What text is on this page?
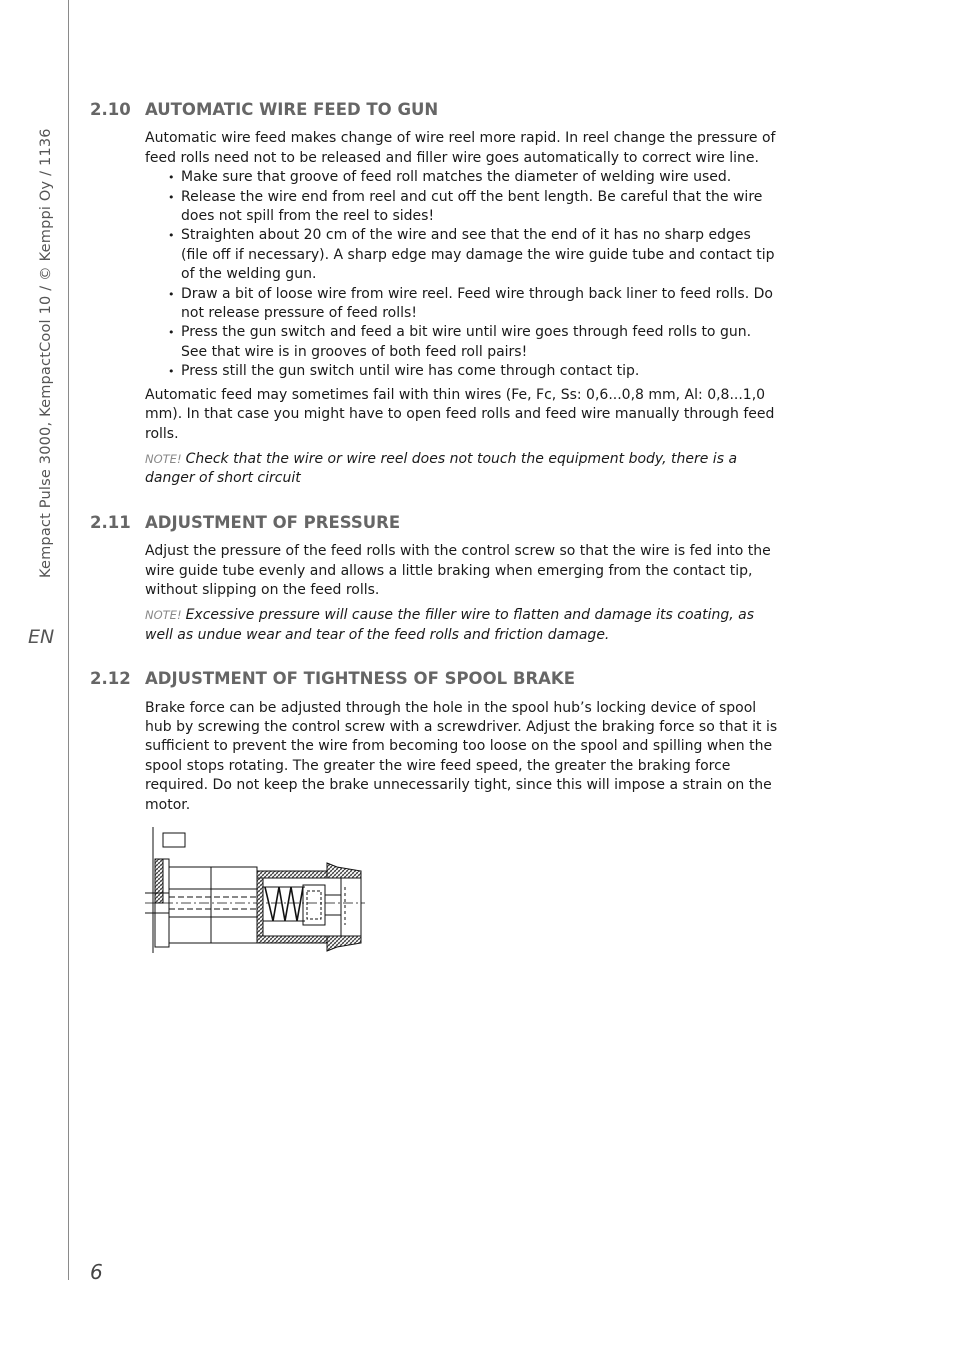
Kempact Pulse 3000, KempactCool 10 / © Kemppi Oy / 1136
EN
6
2.10 AUTOMATIC WIRE FEED TO GUN

Automatic wire feed makes change of wire reel more rapid. In reel change the pressure of feed rolls need not to be released and filler wire goes automatically to correct wire line.

• Make sure that groove of feed roll matches the diameter of welding wire used.
• Release the wire end from reel and cut off the bent length. Be careful that the wire does not spill from the reel to sides!
• Straighten about 20 cm of the wire and see that the end of it has no sharp edges (file off if necessary). A sharp edge may damage the wire guide tube and contact tip of the welding gun.
• Draw a bit of loose wire from wire reel. Feed wire through back liner to feed rolls. Do not release pressure of feed rolls!
• Press the gun switch and feed a bit wire until wire goes through feed rolls to gun. See that wire is in grooves of both feed roll pairs!
• Press still the gun switch until wire has come through contact tip.

Automatic feed may sometimes fail with thin wires (Fe, Fc, Ss: 0,6...0,8 mm, Al: 0,8...1,0 mm). In that case you might have to open feed rolls and feed wire manually through feed rolls.

NOTE! Check that the wire or wire reel does not touch the equipment body, there is a danger of short circuit

2.11 ADJUSTMENT OF PRESSURE

Adjust the pressure of the feed rolls with the control screw so that the wire is fed into the wire guide tube evenly and allows a little braking when emerging from the contact tip, without slipping on the feed rolls.

NOTE! Excessive pressure will cause the filler wire to flatten and damage its coating, as well as undue wear and tear of the feed rolls and friction damage.

2.12 ADJUSTMENT OF TIGHTNESS OF SPOOL BRAKE

Brake force can be adjusted through the hole in the spool hub’s locking device of spool hub by screwing the control screw with a screwdriver. Adjust the braking force so that it is sufficient to prevent the wire from becoming too loose on the spool and spilling when the spool stops rotating. The greater the wire feed speed, the greater the braking force required. Do not keep the brake unnecessarily tight, since this will impose a strain on the motor.
